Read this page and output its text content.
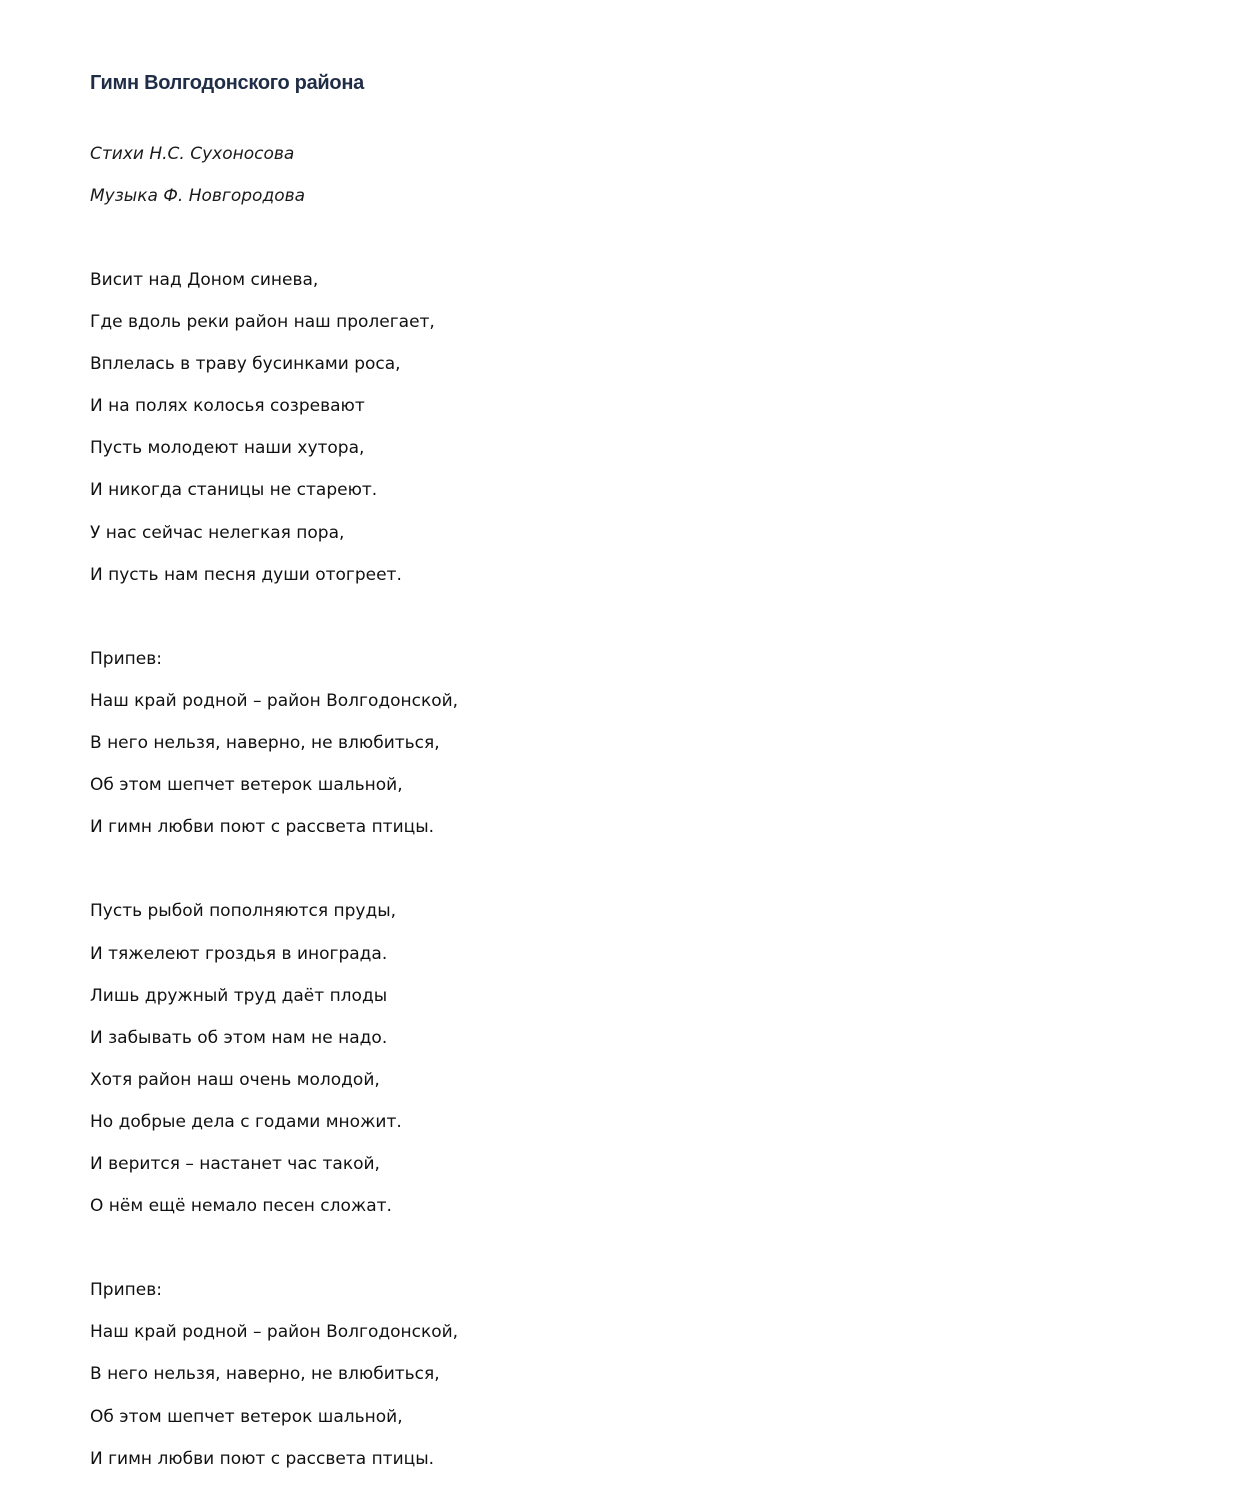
Гимн Волгодонского района
Стихи Н.С. Сухоносова
Музыка Ф. Новгородова
Висит над Доном синева,
Где вдоль реки район наш пролегает,
Вплелась в траву бусинками роса,
И на полях колосья созревают
Пусть молодеют наши хутора,
И никогда станицы не стареют.
У нас сейчас нелегкая пора,
И пусть нам песня души отогреет.
Припев:
Наш край родной – район Волгодонской,
В него нельзя, наверно, не влюбиться,
Об этом шепчет ветерок шальной,
И гимн любви поют с рассвета птицы.
Пусть рыбой пополняются пруды,
И тяжелеют гроздья в инограда.
Лишь дружный труд даёт плоды
И забывать об этом нам не надо.
Хотя район наш очень молодой,
Но добрые дела с годами множит.
И верится – настанет час такой,
О нём ещё немало песен сложат.
Припев:
Наш край родной – район Волгодонской,
В него нельзя, наверно, не влюбиться,
Об этом шепчет ветерок шальной,
И гимн любви поют с рассвета птицы.
